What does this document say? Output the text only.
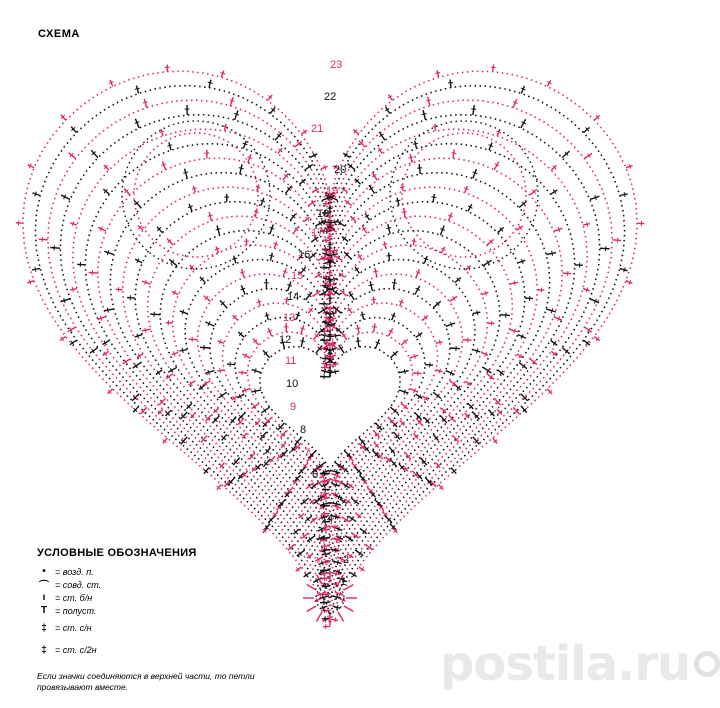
СХЕМА
1
2
3
4
5
6
7
8
9
10
11
12
13
14
15
16
17
18
19
20
21
22
23
УСЛОВНЫЕ ОБОЗНАЧЕНИЯ
•	= возд. п.
⌒ = совд. ст.
ı	= ст. б/н
T = полуст.
‡ = ст. с/н
‡ = ст. с/2н
Если значки соединяются в верхней части, то петли провязывают вместе.	postila.ru
